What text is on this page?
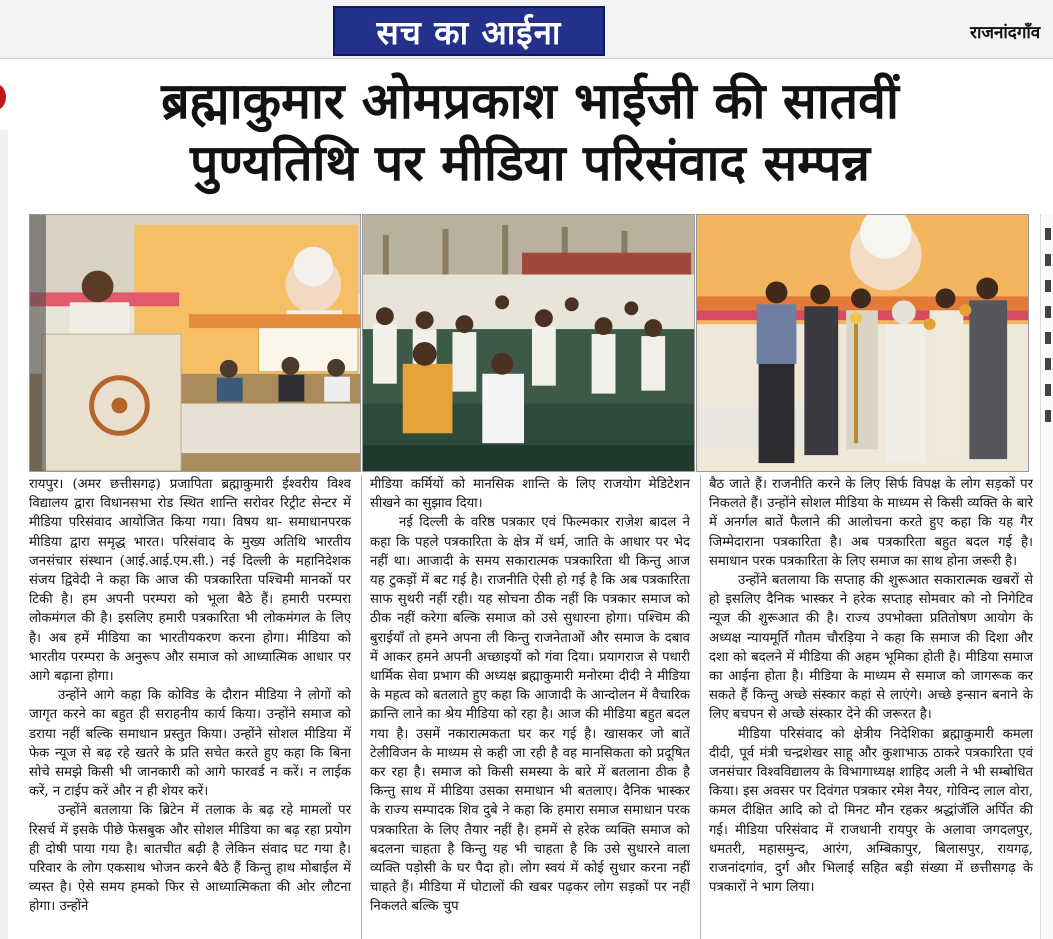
सच का आईना	राजनांदगाँव
ब्रह्माकुमार ओमप्रकाश भाईजी की सातवीं
पुण्यतिथि पर मीडिया परिसंवाद सम्पन्न

रायपुर। (अमर छत्तीसगढ़) प्रजापिता ब्रह्माकुमारी ईश्वरीय विश्व विद्यालय द्वारा विधानसभा रोड स्थित शान्ति सरोवर रिट्रीट सेन्टर में मीडिया परिसंवाद आयोजित किया गया। विषय था- समाधानपरक मीडिया द्वारा समृद्ध भारत। परिसंवाद के मुख्य अतिथि भारतीय जनसंचार संस्थान (आई.आई.एम.सी.) नई दिल्ली के महानिदेशक संजय द्विवेदी ने कहा कि आज की पत्रकारिता पश्चिमी मानकों पर टिकी है। हम अपनी परम्परा को भूला बैठे हैं। हमारी परम्परा लोकमंगल की है। इसलिए हमारी पत्रकारिता भी लोकमंगल के लिए है। अब हमें मीडिया का भारतीयकरण करना होगा। मीडिया को भारतीय परम्परा के अनुरूप और समाज को आध्यात्मिक आधार पर आगे बढ़ाना होगा।

उन्होंने आगे कहा कि कोविड के दौरान मीडिया ने लोगों को जागृत करने का बहुत ही सराहनीय कार्य किया। उन्होंने समाज को डराया नहीं बल्कि समाधान प्रस्तुत किया। उन्होंने सोशल मीडिया में फेक न्यूज से बढ़ रहे खतरे के प्रति सचेत करते हुए कहा कि बिना सोचे समझे किसी भी जानकारी को आगे फारवर्ड न करें। न लाईक करें, न टाईप करें और न ही शेयर करें।

उन्होंने बतलाया कि ब्रिटेन में तलाक के बढ़ रहे मामलों पर रिसर्च में इसके पीछे फेसबुक और सोशल मीडिया का बढ़ रहा प्रयोग ही दोषी पाया गया है। बातचीत बढ़ी है लेकिन संवाद घट गया है। परिवार के लोग एकसाथ भोजन करने बैठे हैं किन्तु हाथ मोबाईल में व्यस्त है। ऐसे समय हमको फिर से आध्यात्मिकता की ओर लौटना होगा। उन्होंने

मीडिया कर्मियों को मानसिक शान्ति के लिए राजयोग मेडिटेशन सीखने का सुझाव दिया।

नई दिल्ली के वरिष्ठ पत्रकार एवं फिल्मकार राजेश बादल ने कहा कि पहले पत्रकारिता के क्षेत्र में धर्म, जाति के आधार पर भेद नहीं था। आजादी के समय सकारात्मक पत्रकारिता थी किन्तु आज यह टुकड़ों में बट गई है। राजनीति ऐसी हो गई है कि अब पत्रकारिता साफ सुथरी नहीं रही। यह सोचना ठीक नहीं कि पत्रकार समाज को ठीक नहीं करेगा बल्कि समाज को उसे सुधारना होगा। पश्चिम की बुराईयाँ तो हमने अपना ली किन्तु राजनेताओं और समाज के दबाव में आकर हमने अपनी अच्छाइयों को गंवा दिया। प्रयागराज से पधारी धार्मिक सेवा प्रभाग की अध्यक्ष ब्रह्माकुमारी मनोरमा दीदी ने मीडिया के महत्व को बतलाते हुए कहा कि आजादी के आन्दोलन में वैचारिक क्रान्ति लाने का श्रेय मीडिया को रहा है। आज की मीडिया बहुत बदल गया है। उसमें नकारात्मकता घर कर गई है। खासकर जो बातें टेलीविजन के माध्यम से कही जा रही है वह मानसिकता को प्रदूषित कर रहा है। समाज को किसी समस्या के बारे में बतलाना ठीक है किन्तु साथ में मीडिया उसका समाधान भी बतलाए। दैनिक भास्कर के राज्य सम्पादक शिव दुबे ने कहा कि हमारा समाज समाधान परक पत्रकारिता के लिए तैयार नहीं है। हममें से हरेक व्यक्ति समाज को बदलना चाहता है किन्तु यह भी चाहता है कि उसे सुधारने वाला व्यक्ति पड़ोसी के घर पैदा हो। लोग स्वयं में कोई सुधार करना नहीं चाहते हैं। मीडिया में घोटालों की खबर पढ़कर लोग सड़कों पर नहीं निकलते बल्कि चुप

बैठ जाते हैं। राजनीति करने के लिए सिर्फ विपक्ष के लोग सड़कों पर निकलते हैं। उन्होंने सोशल मीडिया के माध्यम से किसी व्यक्ति के बारे में अनर्गल बातें फैलाने की आलोचना करते हुए कहा कि यह गैर जिम्मेदाराना पत्रकारिता है। अब पत्रकारिता बहुत बदल गई है। समाधान परक पत्रकारिता के लिए समाज का साथ होना जरूरी है।

उन्होंने बतलाया कि सप्ताह की शुरूआत सकारात्मक खबरों से हो इसलिए दैनिक भास्कर ने हरेक सप्ताह सोमवार को नो निगेटिव न्यूज की शुरूआत की है। राज्य उपभोक्ता प्रतितोषण आयोग के अध्यक्ष न्यायमूर्ति गौतम चौरड़िया ने कहा कि समाज की दिशा और दशा को बदलने में मीडिया की अहम भूमिका होती है। मीडिया समाज का आईना होता है। मीडिया के माध्यम से समाज को जागरूक कर सकते हैं किन्तु अच्छे संस्कार कहां से लाएंगे। अच्छे इन्सान बनाने के लिए बचपन से अच्छे संस्कार देने की जरूरत है।

मीडिया परिसंवाद को क्षेत्रीय निदेशिका ब्रह्माकुमारी कमला दीदी, पूर्व मंत्री चन्द्रशेखर साहू और कुशाभाऊ ठाकरे पत्रकारिता एवं जनसंचार विश्वविद्यालय के विभागाध्यक्ष शाहिद अली ने भी सम्बोधित किया। इस अवसर पर दिवंगत पत्रकार रमेश नैयर, गोविन्द लाल वोरा, कमल दीक्षित आदि को दो मिनट मौन रहकर श्रद्धांजॅलि अर्पित की गई। मीडिया परिसंवाद में राजधानी रायपुर के अलावा जगदलपुर, धमतरी, महासमुन्द, आरंग, अम्बिकापुर, बिलासपुर, रायगढ़, राजनांदगांव, दुर्ग और भिलाई सहित बड़ी संख्या में छत्तीसगढ़ के पत्रकारों ने भाग लिया।
